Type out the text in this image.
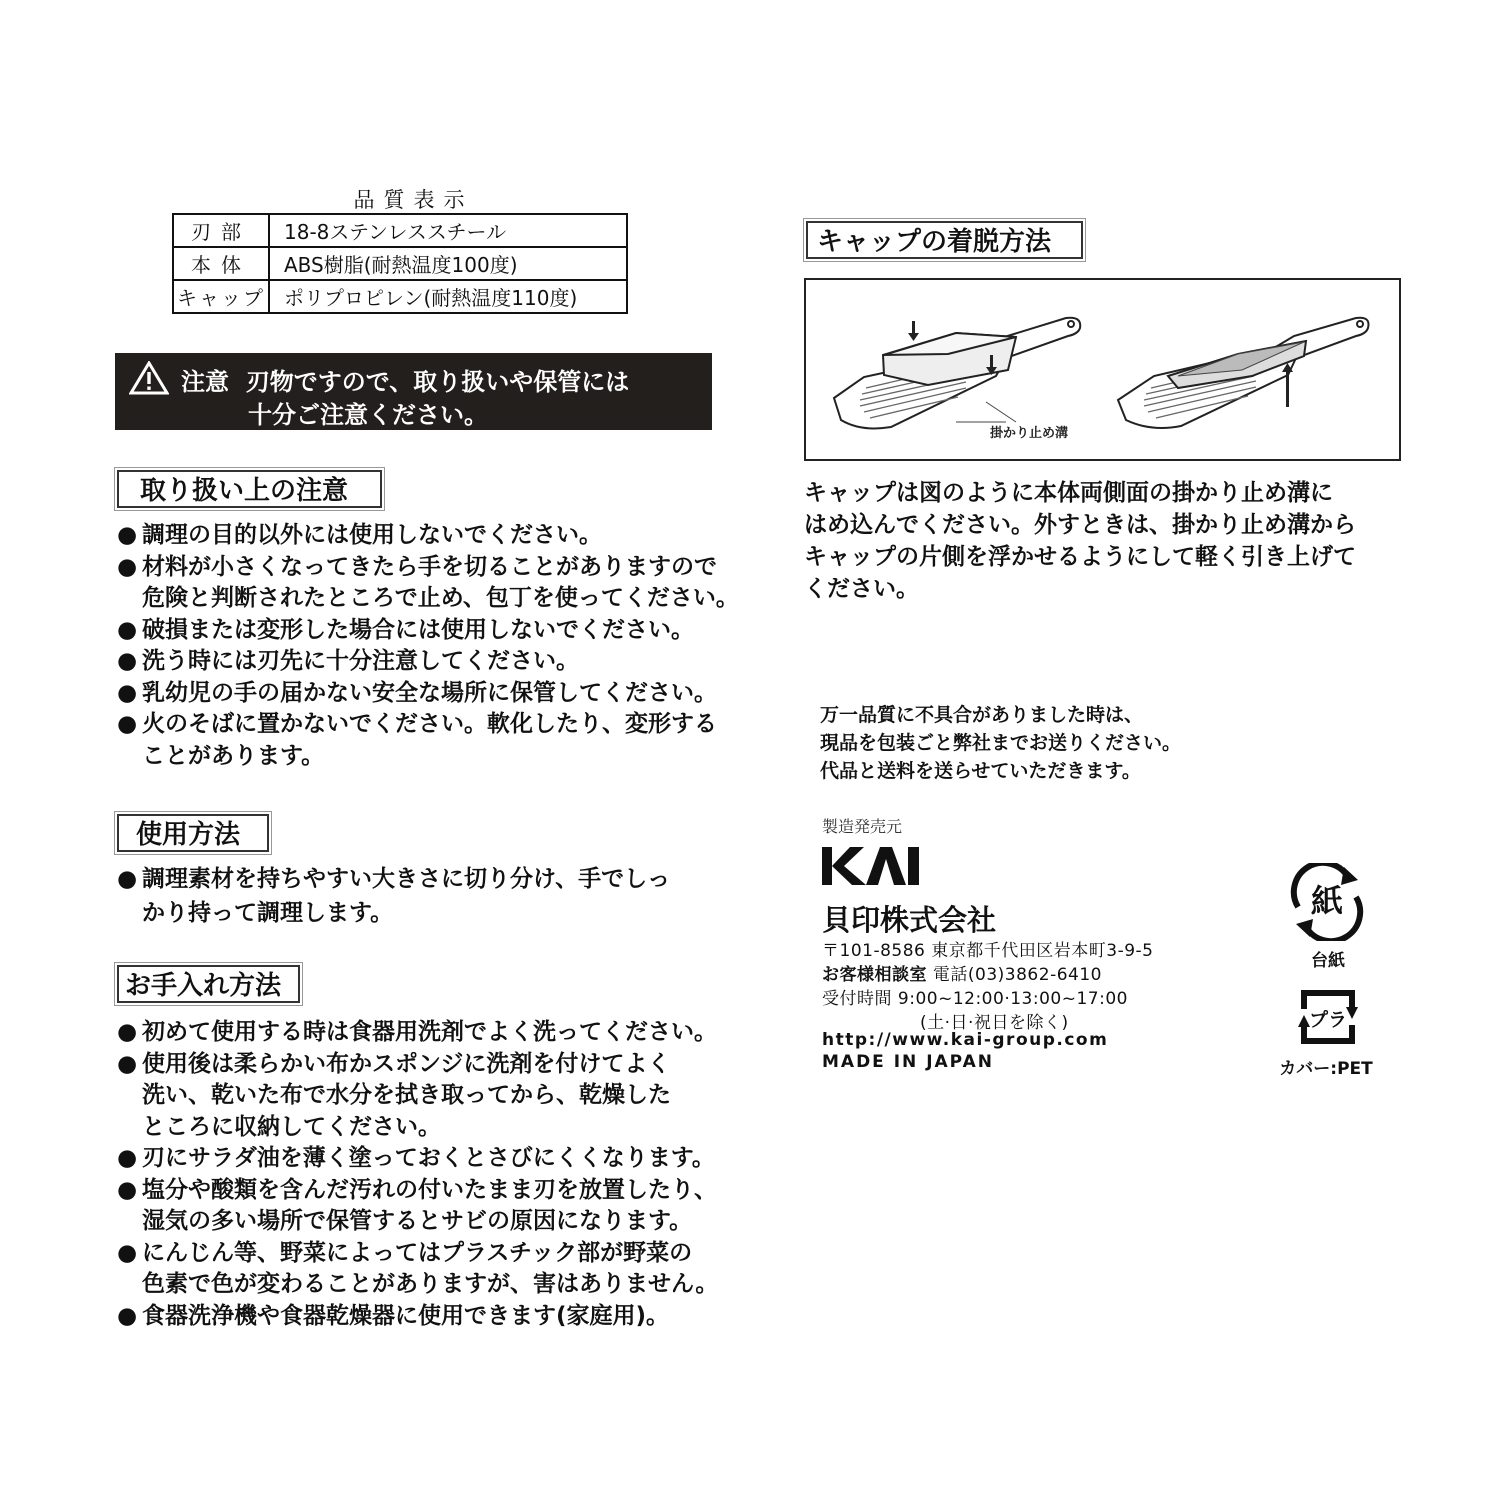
品質表示
刃部	18-8ステンレススチール
本体	ABS樹脂(耐熱温度100度)
キャップ	ポリプロピレン(耐熱温度110度)
注意 刃物ですので、取り扱いや保管には
十分ご注意ください。
取り扱い上の注意
● 調理の目的以外には使用しないでください。
● 材料が小さくなってきたら手を切ることがありますので
危険と判断されたところで止め、包丁を使ってください。
● 破損または変形した場合には使用しないでください。
● 洗う時には刃先に十分注意してください。
● 乳幼児の手の届かない安全な場所に保管してください。
● 火のそばに置かないでください。軟化したり、変形する
ことがあります。
使用方法
● 調理素材を持ちやすい大きさに切り分け、手でしっ
かり持って調理します。
お手入れ方法
● 初めて使用する時は食器用洗剤でよく洗ってください。
● 使用後は柔らかい布かスポンジに洗剤を付けてよく
洗い、乾いた布で水分を拭き取ってから、乾燥した
ところに収納してください。
● 刃にサラダ油を薄く塗っておくとさびにくくなります。
● 塩分や酸類を含んだ汚れの付いたまま刃を放置したり、
湿気の多い場所で保管するとサビの原因になります。
● にんじん等、野菜によってはプラスチック部が野菜の
色素で色が変わることがありますが、害はありません。
● 食器洗浄機や食器乾燥器に使用できます(家庭用)。
キャップの着脱方法
掛かり止め溝
キャップは図のように本体両側面の掛かり止め溝に
はめ込んでください。外すときは、掛かり止め溝から
キャップの片側を浮かせるようにして軽く引き上げて
ください。
万一品質に不具合がありました時は、
現品を包装ごと弊社までお送りください。
代品と送料を送らせていただきます。
製造発売元
貝印株式会社
〒101-8586 東京都千代田区岩本町3-9-5
お客様相談室 電話(03)3862-6410
受付時間 9:00~12:00·13:00~17:00
(土·日·祝日を除く)
http://www.kai-group.com
MADE IN JAPAN
紙
台紙
プラ
カバー:PET
